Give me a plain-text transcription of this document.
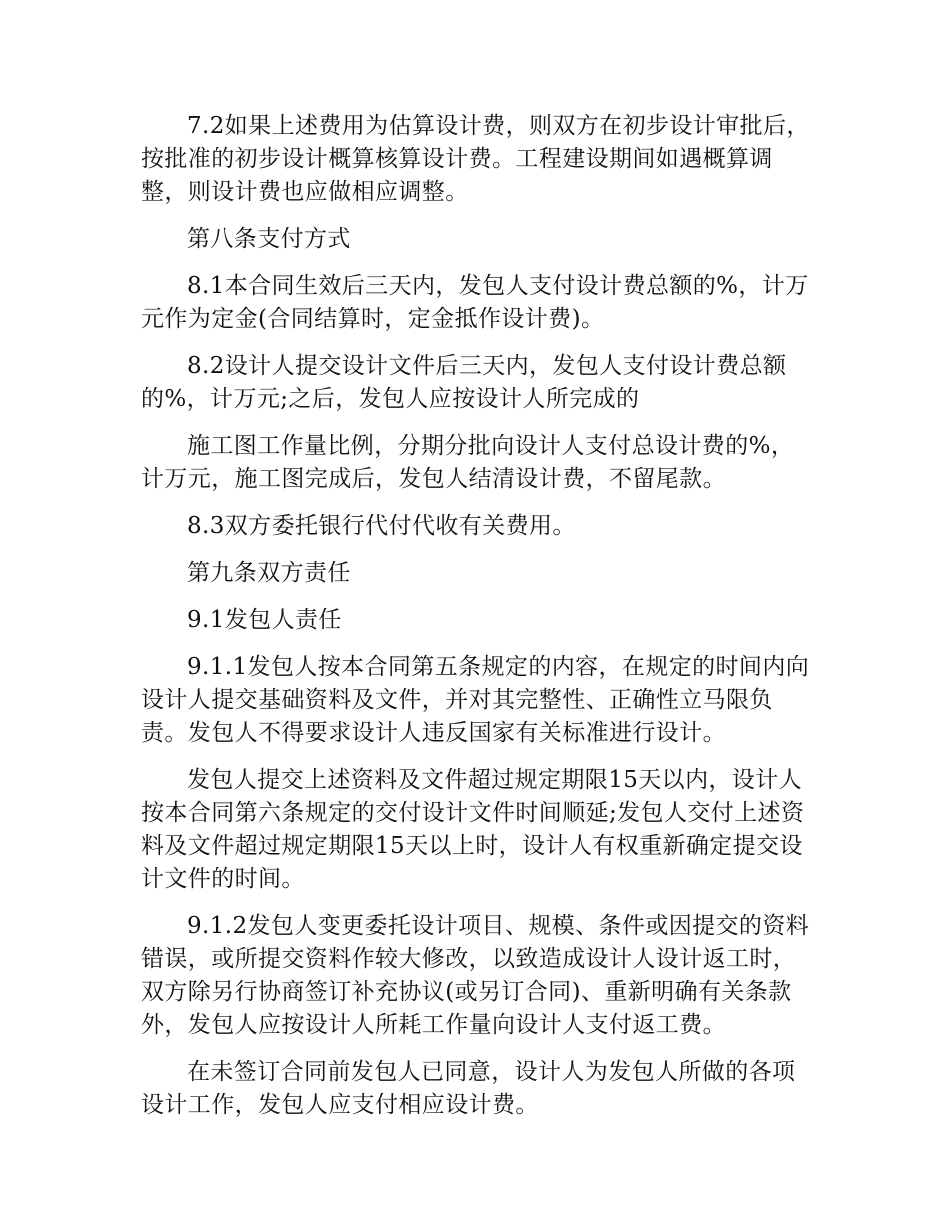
7.2如果上述费用为估算设计费，则双方在初步设计审批后，按批准的初步设计概算核算设计费。工程建设期间如遇概算调整，则设计费也应做相应调整。

第八条支付方式

8.1本合同生效后三天内，发包人支付设计费总额的%，计万元作为定金(合同结算时，定金抵作设计费)。

8.2设计人提交设计文件后三天内，发包人支付设计费总额的%，计万元;之后，发包人应按设计人所完成的

施工图工作量比例，分期分批向设计人支付总设计费的%，计万元，施工图完成后，发包人结清设计费，不留尾款。

8.3双方委托银行代付代收有关费用。

第九条双方责任

9.1发包人责任

9.1.1发包人按本合同第五条规定的内容，在规定的时间内向设计人提交基础资料及文件，并对其完整性、正确性立马限负责。发包人不得要求设计人违反国家有关标准进行设计。

发包人提交上述资料及文件超过规定期限15天以内，设计人按本合同第六条规定的交付设计文件时间顺延;发包人交付上述资料及文件超过规定期限15天以上时，设计人有权重新确定提交设计文件的时间。

9.1.2发包人变更委托设计项目、规模、条件或因提交的资料错误，或所提交资料作较大修改，以致造成设计人设计返工时，双方除另行协商签订补充协议(或另订合同)、重新明确有关条款外，发包人应按设计人所耗工作量向设计人支付返工费。

在未签订合同前发包人已同意，设计人为发包人所做的各项设计工作，发包人应支付相应设计费。
